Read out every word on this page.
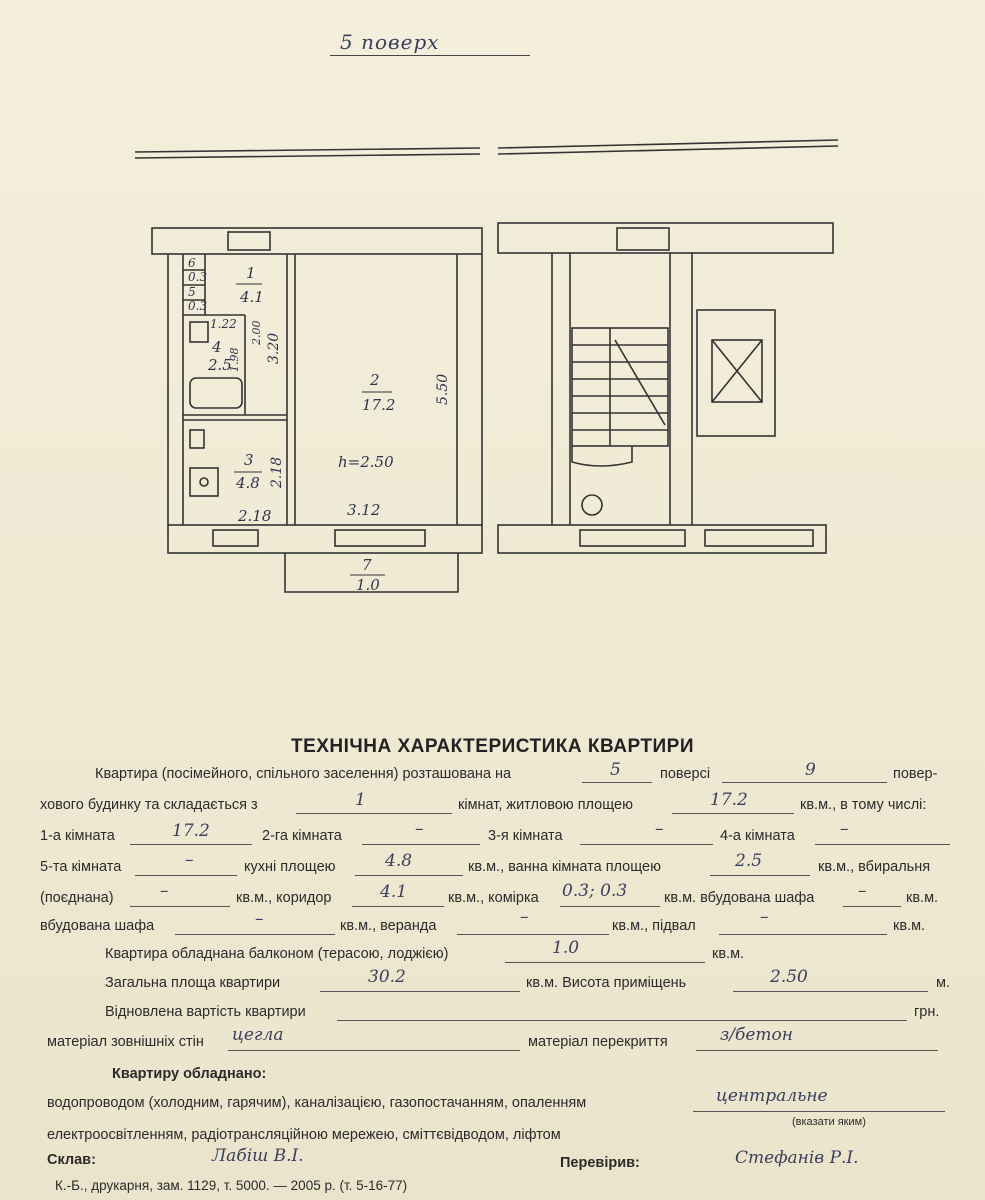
5 поверх
1
4.1
2
17.2
3
4.8
4
2.5
7
1.0
h=2.50
3.12
2.18
6
0.3
5
0.3
1.22
3.20
5.50
2.18
2.00
1.98
ТЕХНІЧНА ХАРАКТЕРИСТИКА КВАРТИРИ
Квартира (посімейного, спільного заселення) розташована на	5	поверсі	9	повер-
хового будинку та складається з	1	кімнат, житловою площею	17.2	кв.м., в тому числі:
1-а кімната	17.2	2-га кімната	–	3-я кімната	–	4-а кімната	–
5-та кімната	–	кухні площею	4.8	кв.м., ванна кімната площею	2.5	кв.м., вбиральня
(поєднана)	–	кв.м., коридор	4.1	кв.м., комірка 0.3; 0.3	кв.м. вбудована шафа	–	кв.м.
вбудована шафа	–	кв.м., веранда	–	кв.м., підвал	–	кв.м.
Квартира обладнана балконом (терасою, лоджією)	1.0	кв.м.
Загальна площа квартири	30.2	кв.м. Висота приміщень	2.50	м.
Відновлена вартість квартири	грн.
матеріал зовнішніх стін цегла	матеріал перекриття	з/бетон
Квартиру обладнано:
водопроводом (холодним, гарячим), каналізацією, газопостачанням, опаленням	центральне
(вказати яким)
електроосвітленням, радіотрансляційною мережею, сміттєвідводом, ліфтом
Склав:	Лабіш В.І.	Перевірив:	Стефанів Р.І.
К.-Б., друкарня, зам. 1129, т. 5000. — 2005 р. (т. 5-16-77)
